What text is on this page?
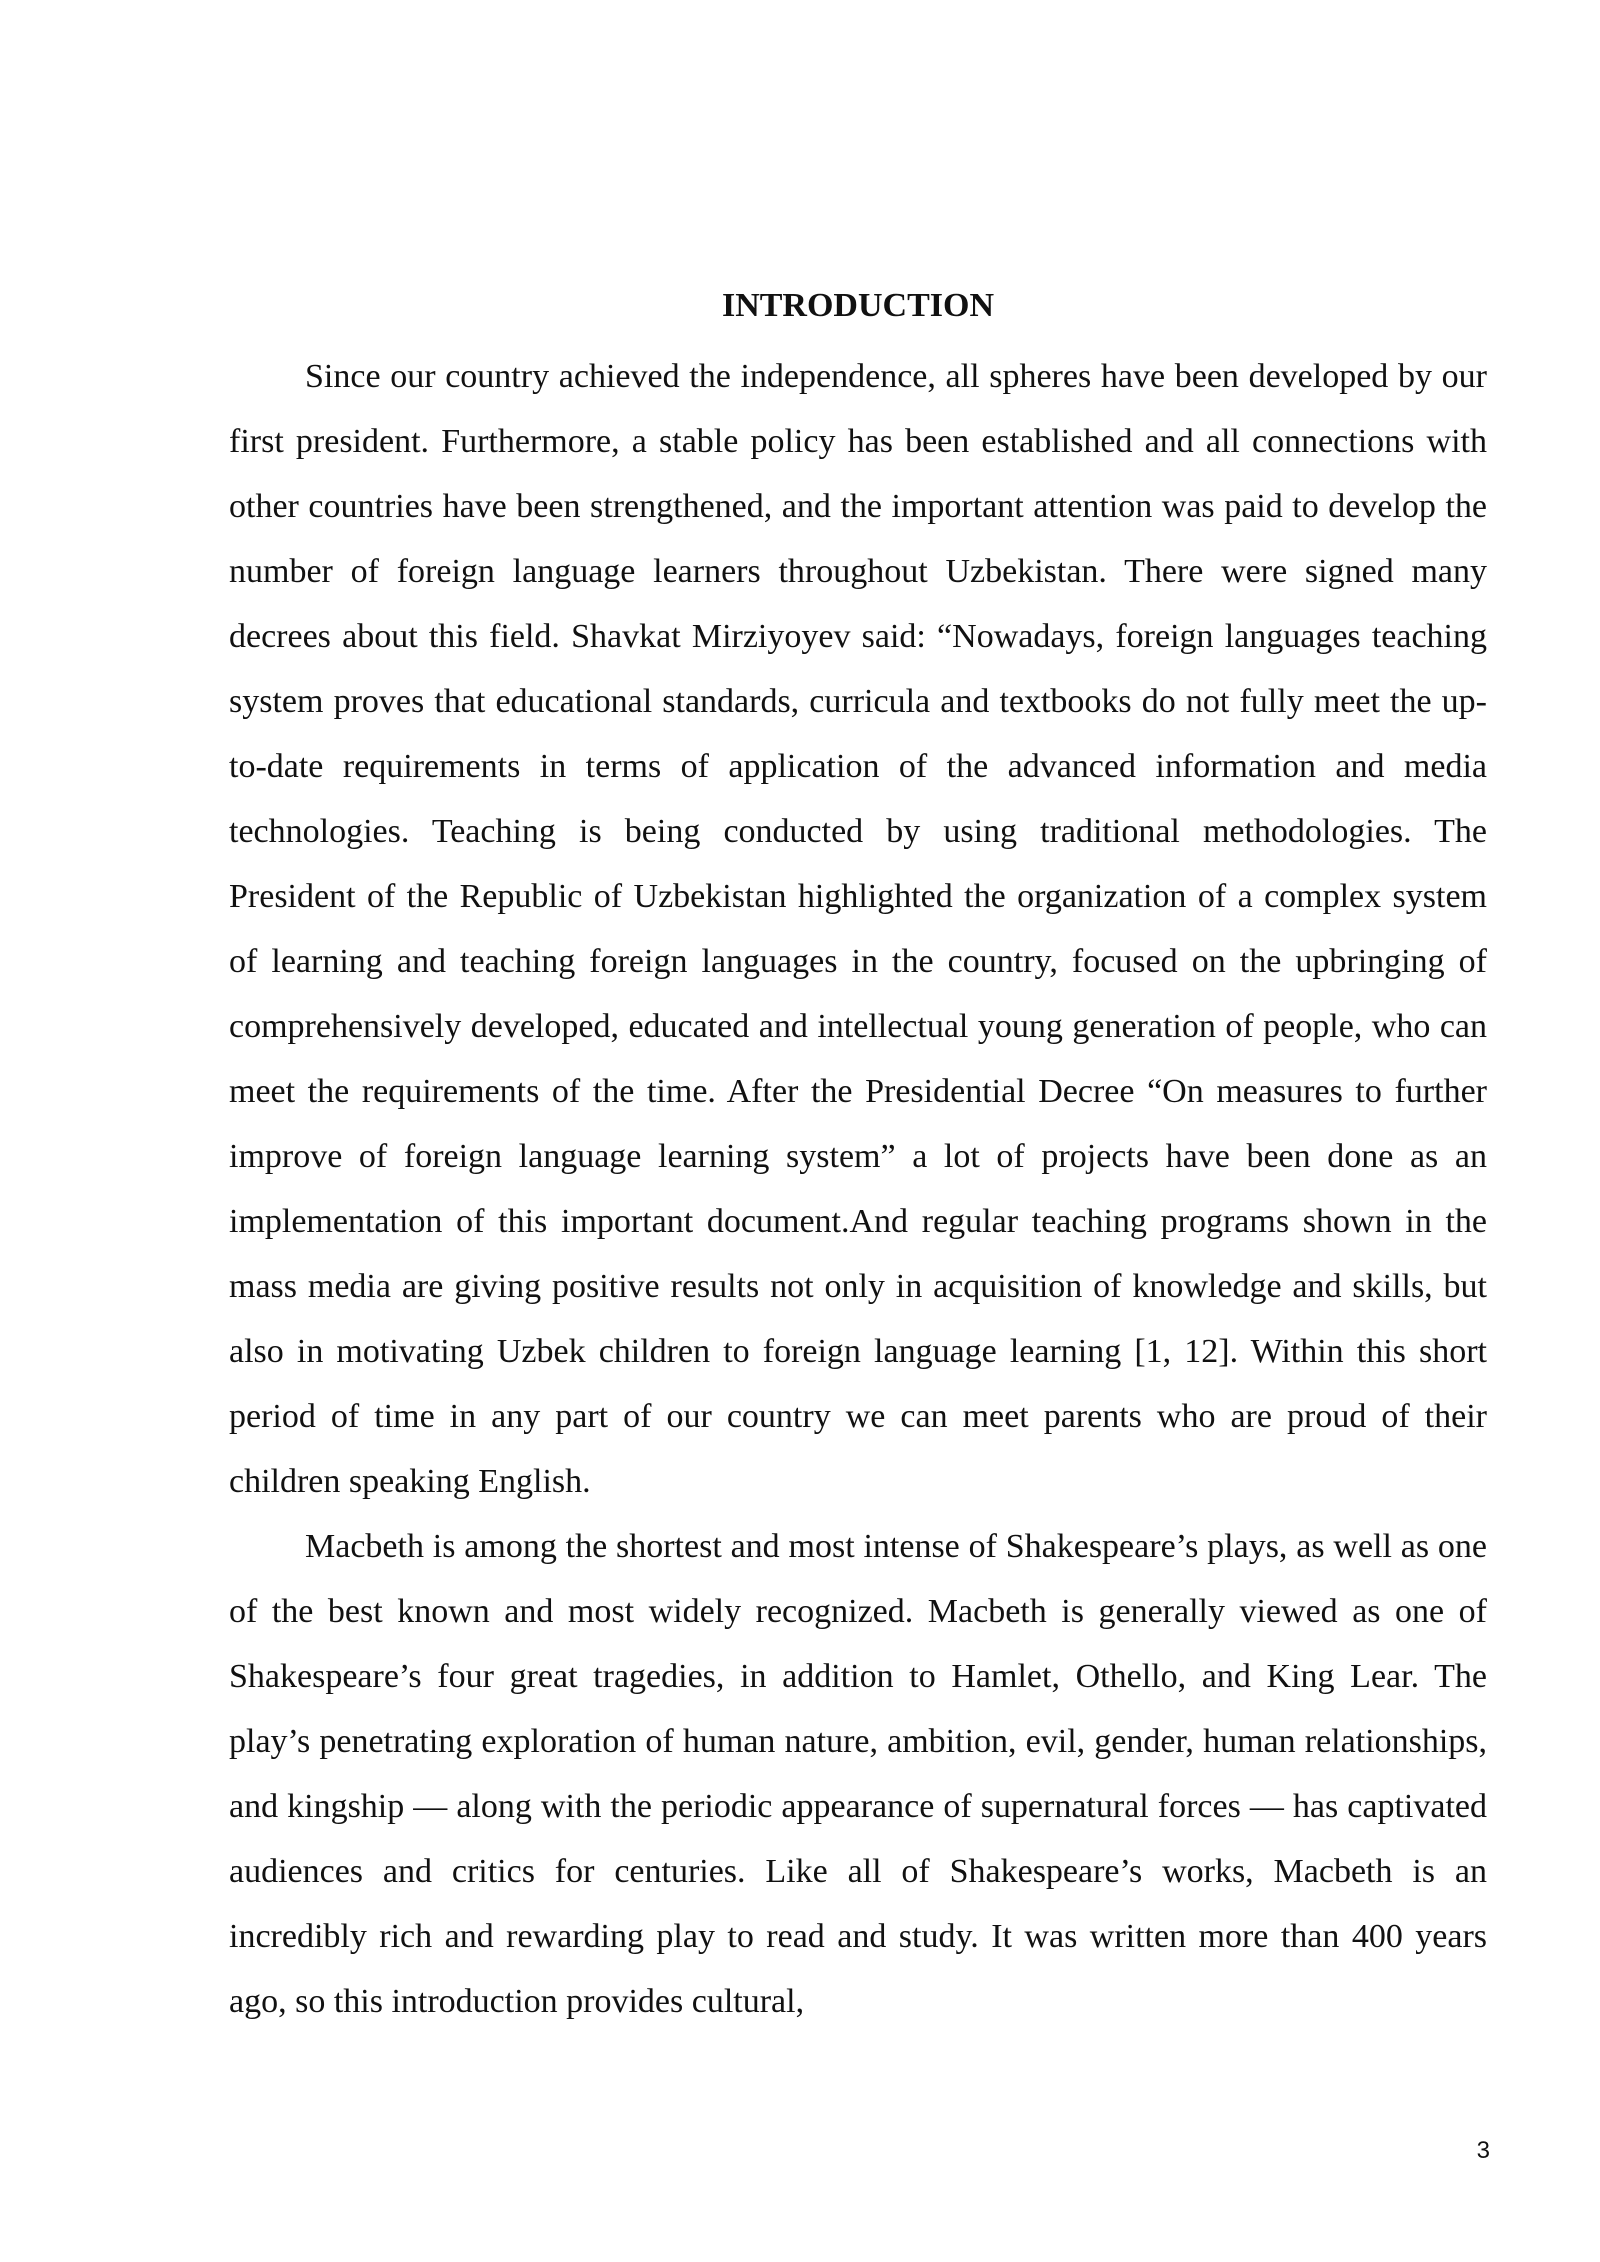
INTRODUCTION

Since our country achieved the independence, all spheres have been developed by our first president. Furthermore, a stable policy has been established and all connections with other countries have been strengthened, and the important attention was paid to develop the number of foreign language learners throughout Uzbekistan. There were signed many decrees about this field. Shavkat Mirziyoyev said: “Nowadays, foreign languages teaching system proves that educational standards, curricula and textbooks do not fully meet the up-to-date requirements in terms of application of the advanced information and media technologies. Teaching is being conducted by using traditional methodologies. The President of the Republic of Uzbekistan highlighted the organization of a complex system of learning and teaching foreign languages in the country, focused on the upbringing of comprehensively developed, educated and intellectual young generation of people, who can meet the requirements of the time. After the Presidential Decree “On measures to further improve of foreign language learning system” a lot of projects have been done as an implementation of this important document.And regular teaching programs shown in the mass media are giving positive results not only in acquisition of knowledge and skills, but also in motivating Uzbek children to foreign language learning [1, 12]. Within this short period of time in any part of our country we can meet parents who are proud of their children speaking English.

Macbeth is among the shortest and most intense of Shakespeare’s plays, as well as one of the best known and most widely recognized. Macbeth is generally viewed as one of Shakespeare’s four great tragedies, in addition to Hamlet, Othello, and King Lear. The play’s penetrating exploration of human nature, ambition, evil, gender, human relationships, and kingship — along with the periodic appearance of supernatural forces — has captivated audiences and critics for centuries. Like all of Shakespeare’s works, Macbeth is an incredibly rich and rewarding play to read and study. It was written more than 400 years ago, so this introduction provides cultural,

3
